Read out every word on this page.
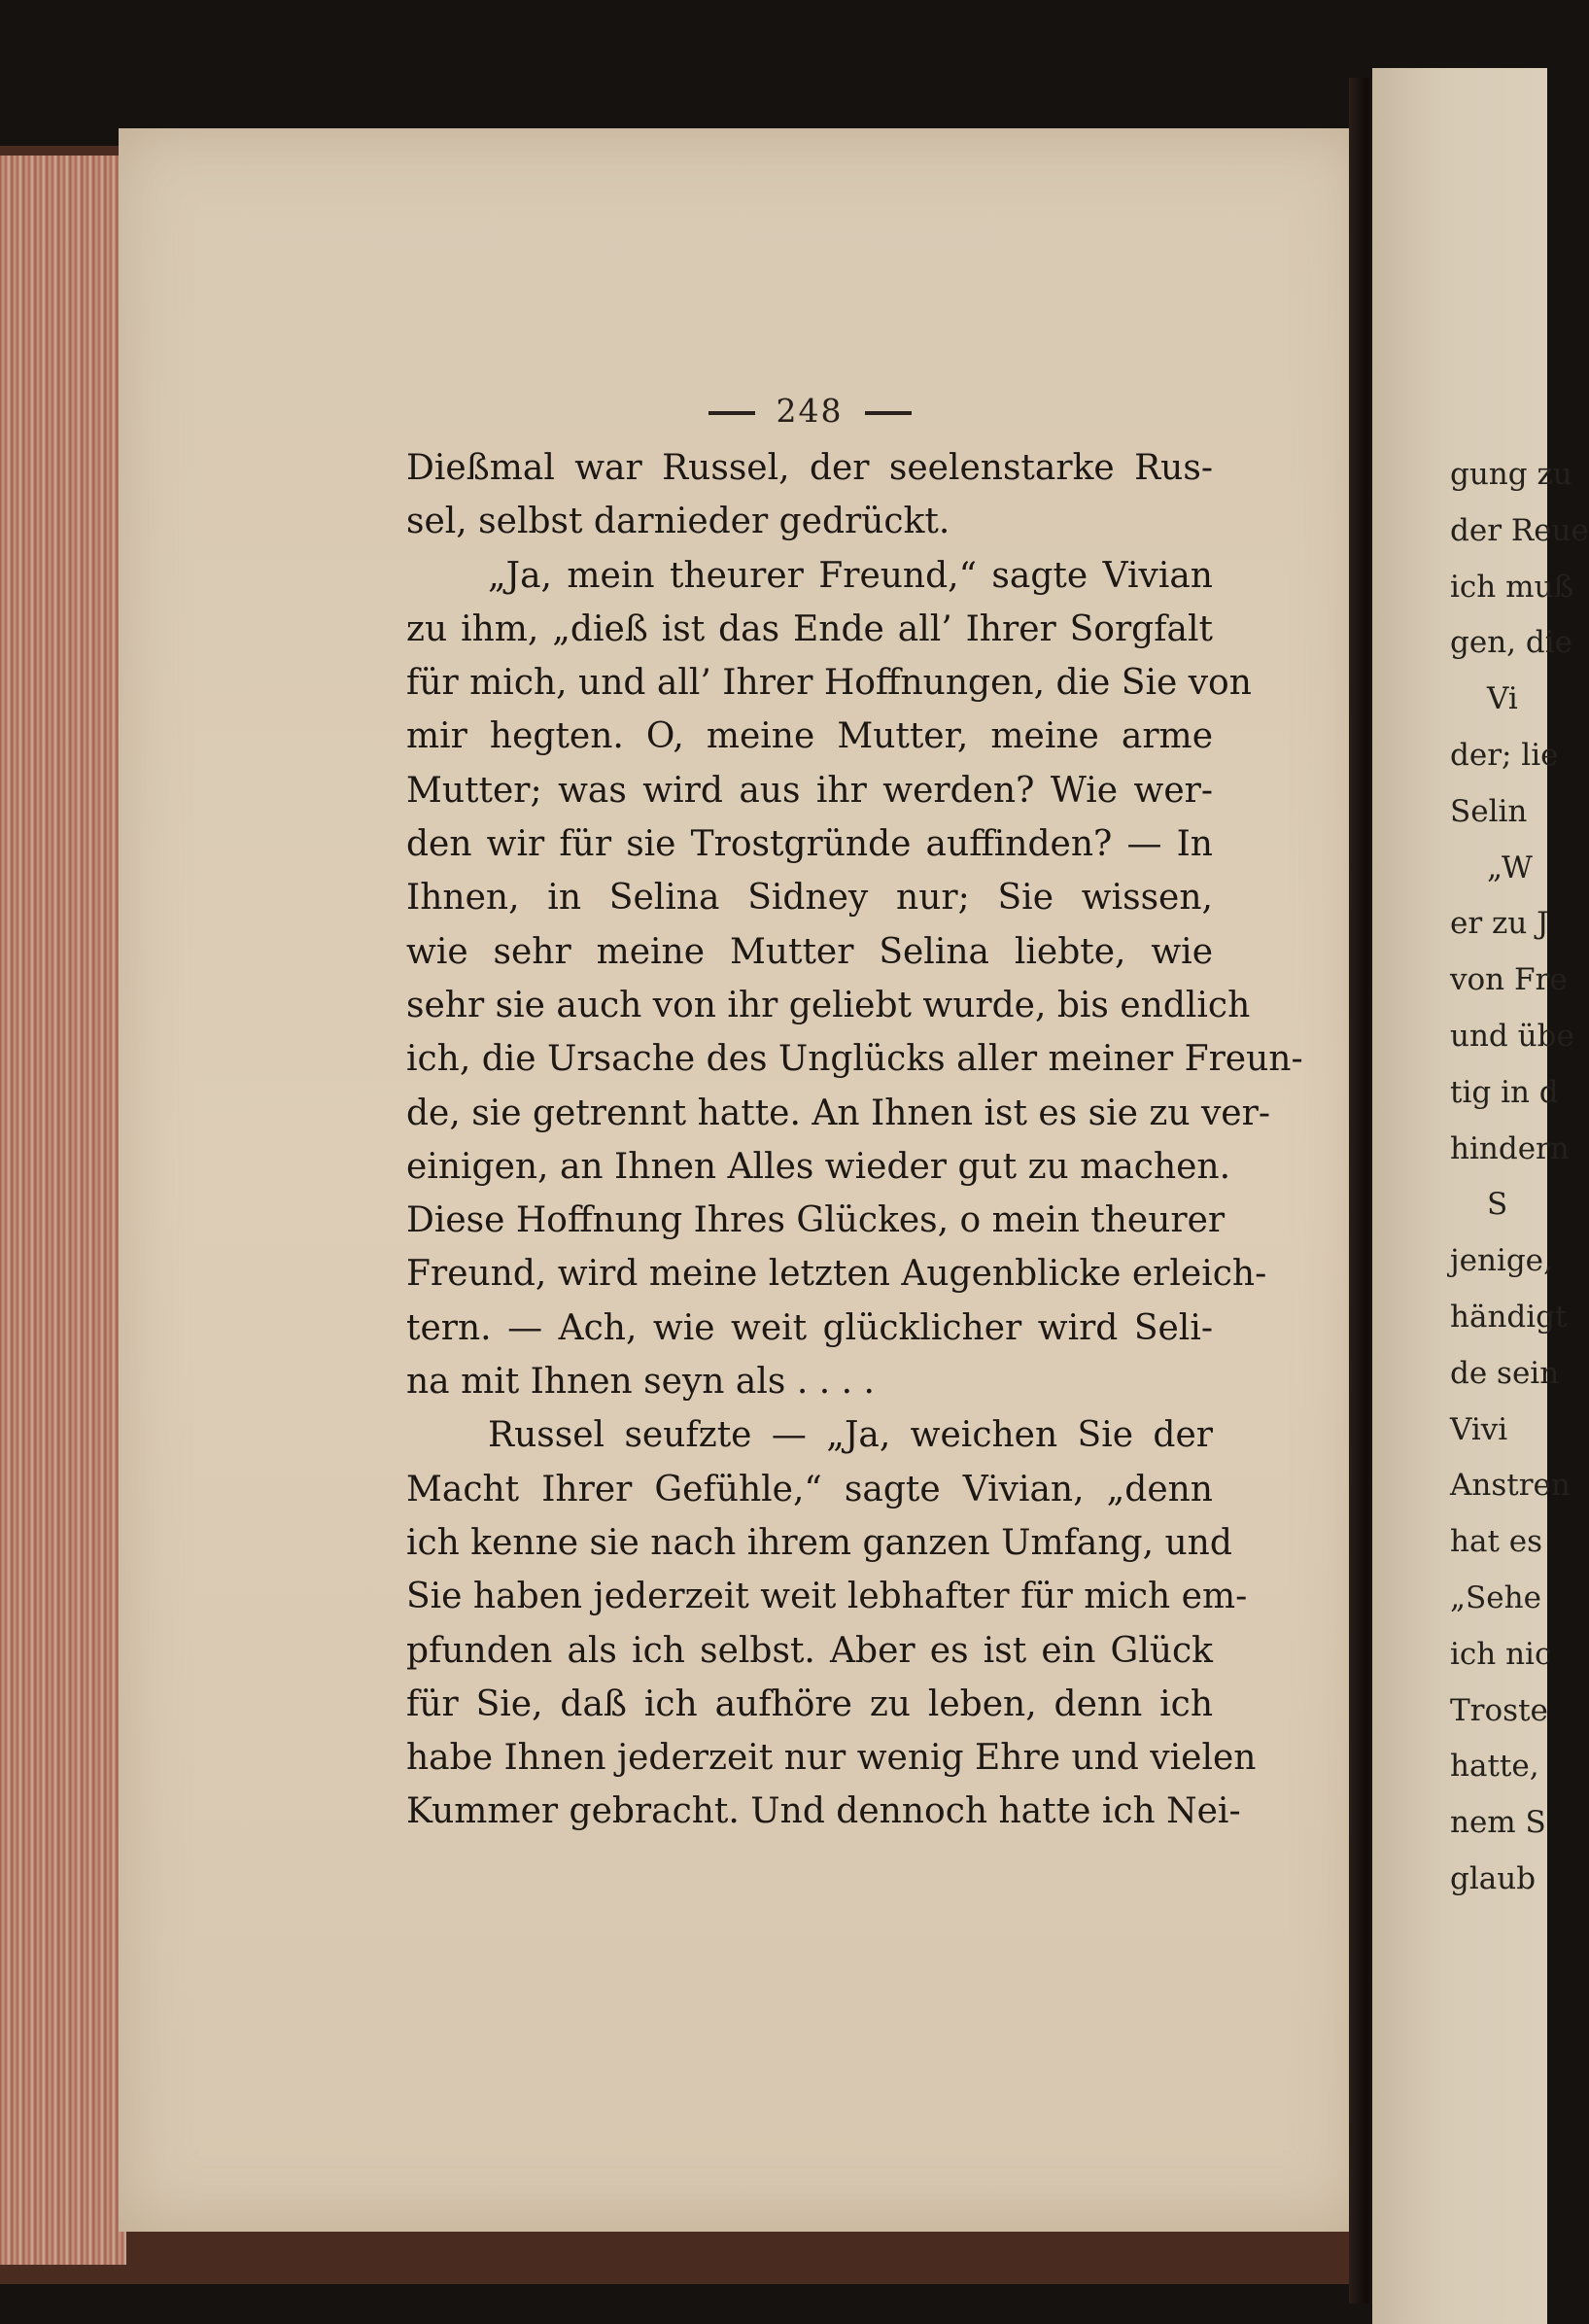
248
Dießmal war Russel, der seelenstarke Rus-
sel, selbst darnieder gedrückt.
„Ja, mein theurer Freund,“ sagte Vivian
zu ihm, „dieß ist das Ende all’ Ihrer Sorgfalt
für mich, und all’ Ihrer Hoffnungen, die Sie von
mir hegten. O, meine Mutter, meine arme
Mutter; was wird aus ihr werden? Wie wer-
den wir für sie Trostgründe auffinden? — In
Ihnen, in Selina Sidney nur; Sie wissen,
wie sehr meine Mutter Selina liebte, wie
sehr sie auch von ihr geliebt wurde, bis endlich
ich, die Ursache des Unglücks aller meiner Freun-
de, sie getrennt hatte. An Ihnen ist es sie zu ver-
einigen, an Ihnen Alles wieder gut zu machen.
Diese Hoffnung Ihres Glückes, o mein theurer
Freund, wird meine letzten Augenblicke erleich-
tern. — Ach, wie weit glücklicher wird Seli-
na mit Ihnen seyn als . . . .
Russel seufzte — „Ja, weichen Sie der
Macht Ihrer Gefühle,“ sagte Vivian, „denn
ich kenne sie nach ihrem ganzen Umfang, und
Sie haben jederzeit weit lebhafter für mich em-
pfunden als ich selbst. Aber es ist ein Glück
für Sie, daß ich aufhöre zu leben, denn ich
habe Ihnen jederzeit nur wenig Ehre und vielen
Kummer gebracht. Und dennoch hatte ich Nei-
gung zu
der Reue
ich muß
gen, die
Vi
der; lie
Selin
„W
er zu J
von Fre
und übe
tig in d
hindern
S
jenige,
händigt
de sein
Vivi
Anstren
hat es
„Sehe
ich nic
Troste
hatte,
nem S
glaub
